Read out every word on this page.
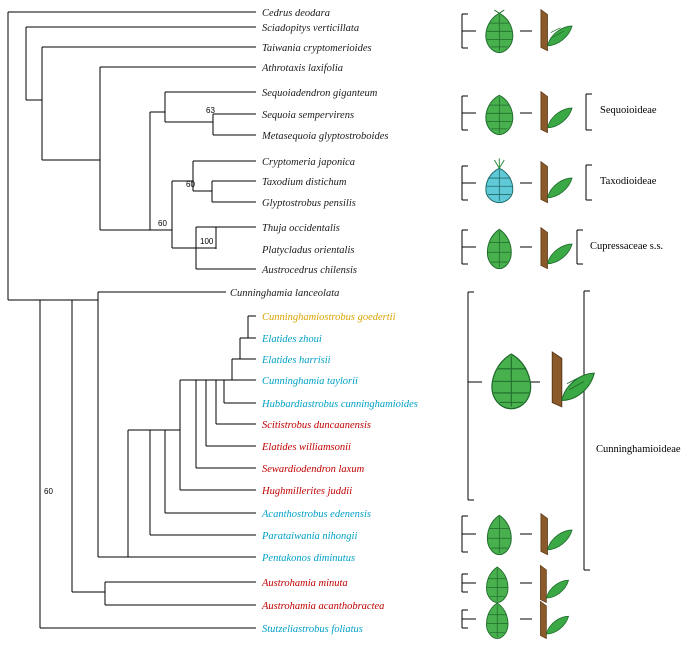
Cedrus deodara
Sciadopitys verticillata
Taiwania cryptomerioides
Athrotaxis laxifolia
Sequoiadendron giganteum
Sequoia sempervirens
Metasequoia glyptostroboides
Cryptomeria japonica
Taxodium distichum
Glyptostrobus pensilis
Thuja occidentalis
Platycladus orientalis
Austrocedrus chilensis
Cunninghamia lanceolata
Cunninghamiostrobus goedertii
Elatides zhoui
Elatides harrisii
Cunninghamia taylorii
Hubbardiastrobus cunninghamioides
Scitistrobus duncaanensis
Elatides williamsonii
Sewardiodendron laxum
Hughmillerites juddii
Acanthostrobus edenensis
Parataiwania nihongii
Pentakonos diminutus
Austrohamia minuta
Austrohamia acanthobractea
Stutzeliastrobus foliatus
63
60
60
100
60
Sequoioideae
Taxodioideae
Cupressaceae s.s.
Cunninghamioideae
